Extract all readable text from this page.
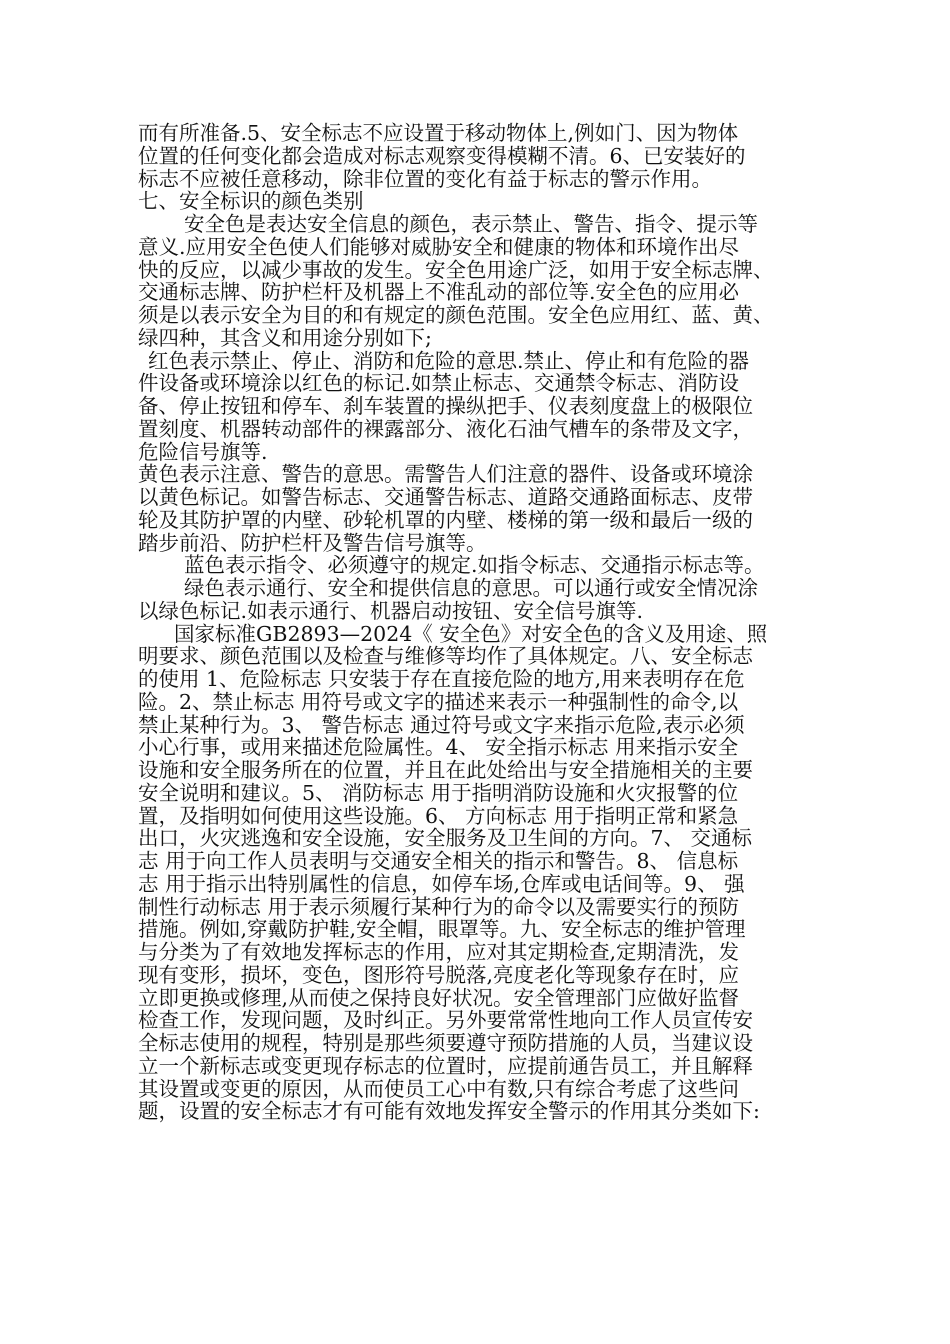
而有所准备.5、安全标志不应设置于移动物体上,例如门、因为物体
位置的任何变化都会造成对标志观察变得模糊不清。6、已安装好的
标志不应被任意移动，除非位置的变化有益于标志的警示作用。
七、安全标识的颜色类别
安全色是表达安全信息的颜色，表示禁止、警告、指令、提示等
意义.应用安全色使人们能够对威胁安全和健康的物体和环境作出尽
快的反应，以减少事故的发生。安全色用途广泛，如用于安全标志牌、
交通标志牌、防护栏杆及机器上不准乱动的部位等.安全色的应用必
须是以表示安全为目的和有规定的颜色范围。安全色应用红、蓝、黄、
绿四种，其含义和用途分别如下;
红色表示禁止、停止、消防和危险的意思.禁止、停止和有危险的器
件设备或环境涂以红色的标记.如禁止标志、交通禁令标志、消防设
备、停止按钮和停车、刹车装置的操纵把手、仪表刻度盘上的极限位
置刻度、机器转动部件的裸露部分、液化石油气槽车的条带及文字，
危险信号旗等.
黄色表示注意、警告的意思。需警告人们注意的器件、设备或环境涂
以黄色标记。如警告标志、交通警告标志、道路交通路面标志、皮带
轮及其防护罩的内壁、砂轮机罩的内壁、楼梯的第一级和最后一级的
踏步前沿、防护栏杆及警告信号旗等。
蓝色表示指令、必须遵守的规定.如指令标志、交通指示标志等。
绿色表示通行、安全和提供信息的意思。可以通行或安全情况涂
以绿色标记.如表示通行、机器启动按钮、安全信号旗等.
国家标准GB2893—2024《 安全色》对安全色的含义及用途、照
明要求、颜色范围以及检查与维修等均作了具体规定。八、安全标志
的使用 1、危险标志 只安装于存在直接危险的地方,用来表明存在危
险。2、禁止标志 用符号或文字的描述来表示一种强制性的命令,以
禁止某种行为。3、 警告标志 通过符号或文字来指示危险,表示必须
小心行事，或用来描述危险属性。4、 安全指示标志 用来指示安全
设施和安全服务所在的位置，并且在此处给出与安全措施相关的主要
安全说明和建议。5、 消防标志 用于指明消防设施和火灾报警的位
置，及指明如何使用这些设施。6、 方向标志 用于指明正常和紧急
出口，火灾逃逸和安全设施，安全服务及卫生间的方向。7、 交通标
志 用于向工作人员表明与交通安全相关的指示和警告。8、 信息标
志 用于指示出特别属性的信息，如停车场,仓库或电话间等。9、 强
制性行动标志 用于表示须履行某种行为的命令以及需要实行的预防
措施。例如,穿戴防护鞋,安全帽，眼罩等。九、安全标志的维护管理
与分类为了有效地发挥标志的作用，应对其定期检查,定期清洗，发
现有变形，损坏，变色，图形符号脱落,亮度老化等现象存在时，应
立即更换或修理,从而使之保持良好状况。安全管理部门应做好监督
检查工作，发现问题，及时纠正。另外要常常性地向工作人员宣传安
全标志使用的规程，特别是那些须要遵守预防措施的人员，当建议设
立一个新标志或变更现存标志的位置时，应提前通告员工，并且解释
其设置或变更的原因，从而使员工心中有数,只有综合考虑了这些问
题，设置的安全标志才有可能有效地发挥安全警示的作用其分类如下:
